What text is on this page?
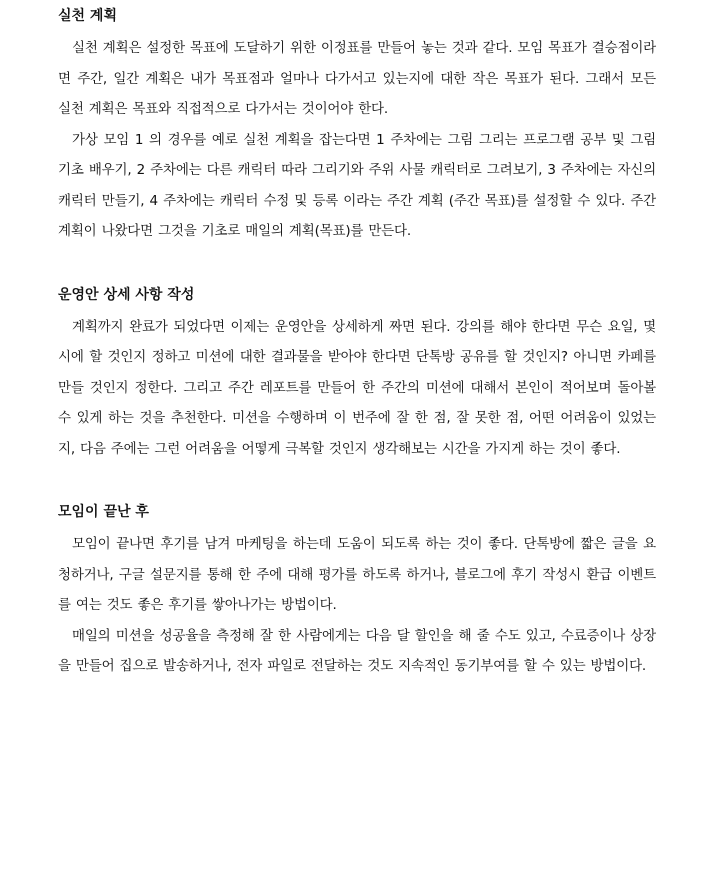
실천 계획

실천 계획은 설정한 목표에 도달하기 위한 이정표를 만들어 놓는 것과 같다. 모임 목표가 결승점이라면 주간, 일간 계획은 내가 목표점과 얼마나 다가서고 있는지에 대한 작은 목표가 된다. 그래서 모든 실천 계획은 목표와 직접적으로 다가서는 것이어야 한다.

가상 모임 1 의 경우를 예로 실천 계획을 잡는다면 1 주차에는 그림 그리는 프로그램 공부 및 그림 기초 배우기, 2 주차에는 다른 캐릭터 따라 그리기와 주위 사물 캐릭터로 그려보기, 3 주차에는 자신의 캐릭터 만들기, 4 주차에는 캐릭터 수정 및 등록 이라는 주간 계획 (주간 목표)를 설정할 수 있다. 주간 계획이 나왔다면 그것을 기초로 매일의 계획(목표)를 만든다.

운영안 상세 사항 작성

계획까지 완료가 되었다면 이제는 운영안을 상세하게 짜면 된다. 강의를 해야 한다면 무슨 요일, 몇 시에 할 것인지 정하고 미션에 대한 결과물을 받아야 한다면 단톡방 공유를 할 것인지? 아니면 카페를 만들 것인지 정한다. 그리고 주간 레포트를 만들어 한 주간의 미션에 대해서 본인이 적어보며 돌아볼 수 있게 하는 것을 추천한다. 미션을 수행하며 이 번주에 잘 한 점, 잘 못한 점, 어떤 어려움이 있었는지, 다음 주에는 그런 어려움을 어떻게 극복할 것인지 생각해보는 시간을 가지게 하는 것이 좋다.

모임이 끝난 후

모임이 끝나면 후기를 남겨 마케팅을 하는데 도움이 되도록 하는 것이 좋다. 단톡방에 짧은 글을 요청하거나, 구글 설문지를 통해 한 주에 대해 평가를 하도록 하거나, 블로그에 후기 작성시 환급 이벤트를 여는 것도 좋은 후기를 쌓아나가는 방법이다.

매일의 미션을 성공율을 측정해 잘 한 사람에게는 다음 달 할인을 해 줄 수도 있고, 수료증이나 상장을 만들어 집으로 발송하거나, 전자 파일로 전달하는 것도 지속적인 동기부여를 할 수 있는 방법이다.
